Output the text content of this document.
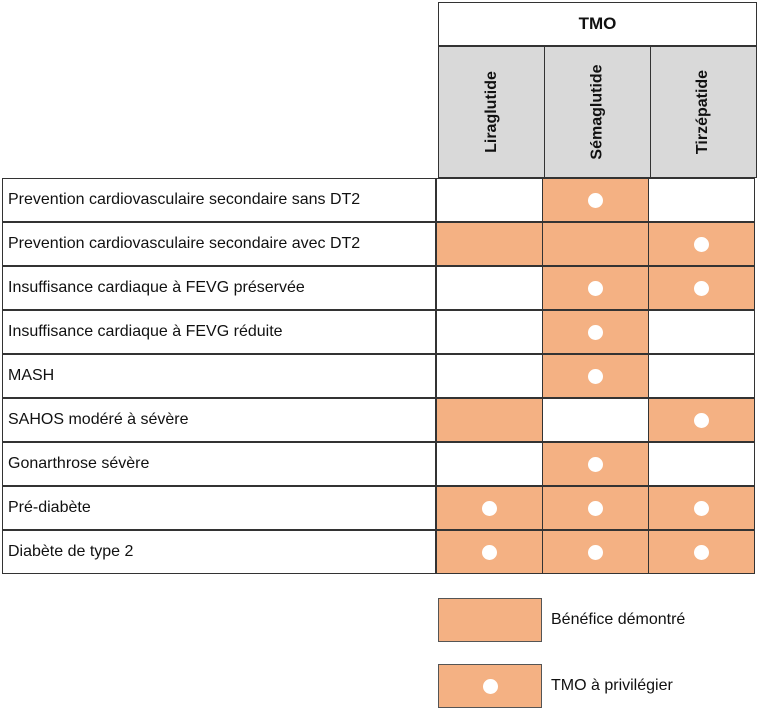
TMO
Liraglutide	Sémaglutide	Tirzépatide
Prevention cardiovasculaire secondaire sans DT2
Prevention cardiovasculaire secondaire avec DT2
Insuffisance cardiaque à FEVG préservée
Insuffisance cardiaque à FEVG réduite
MASH
SAHOS modéré à sévère
Gonarthrose sévère
Pré-diabète
Diabète de type 2
Bénéfice démontré
TMO à privilégier
